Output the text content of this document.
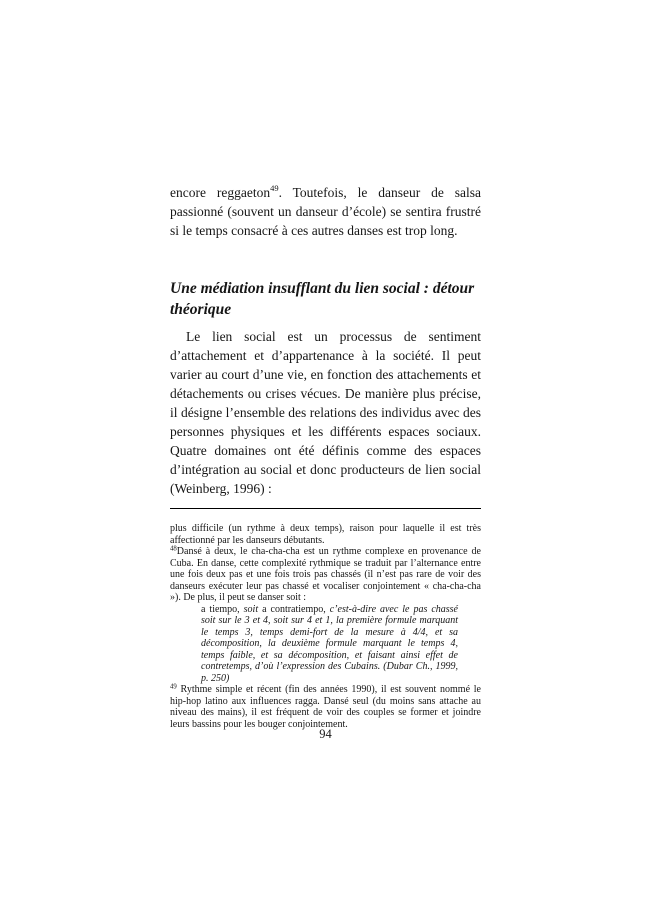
encore reggaeton$^{49}$. Toutefois, le danseur de salsa passionné (souvent un danseur d’école) se sentira frustré si le temps consacré à ces autres danses est trop long.

Une médiation insufflant du lien social : détour théorique

Le lien social est un processus de sentiment d’attachement et d’appartenance à la société. Il peut varier au court d’une vie, en fonction des attachements et détachements ou crises vécues. De manière plus précise, il désigne l’ensemble des relations des individus avec des personnes physiques et les différents espaces sociaux. Quatre domaines ont été définis comme des espaces d’intégration au social et donc producteurs de lien social (Weinberg, 1996) :

plus difficile (un rythme à deux temps), raison pour laquelle il est très affectionné par les danseurs débutants.

$^{48}$Dansé à deux, le cha-cha-cha est un rythme complexe en provenance de Cuba. En danse, cette complexité rythmique se traduit par l’alternance entre une fois deux pas et une fois trois pas chassés (il n’est pas rare de voir des danseurs exécuter leur pas chassé et vocaliser conjointement « cha-cha-cha »). De plus, il peut se danser soit :

a tiempo, soit a contratiempo, c’est-à-dire avec le pas chassé soit sur le 3 et 4, soit sur 4 et 1, la première formule marquant le temps 3, temps demi-fort de la mesure à 4/4, et sa décomposition, la deuxième formule marquant le temps 4, temps faible, et sa décomposition, et faisant ainsi effet de contretemps, d’où l’expression des Cubains. (Dubar Ch., 1999, p. 250)

$^{49}$ Rythme simple et récent (fin des années 1990), il est souvent nommé le hip-hop latino aux influences ragga. Dansé seul (du moins sans attache au niveau des mains), il est fréquent de voir des couples se former et joindre leurs bassins pour les bouger conjointement.

94
